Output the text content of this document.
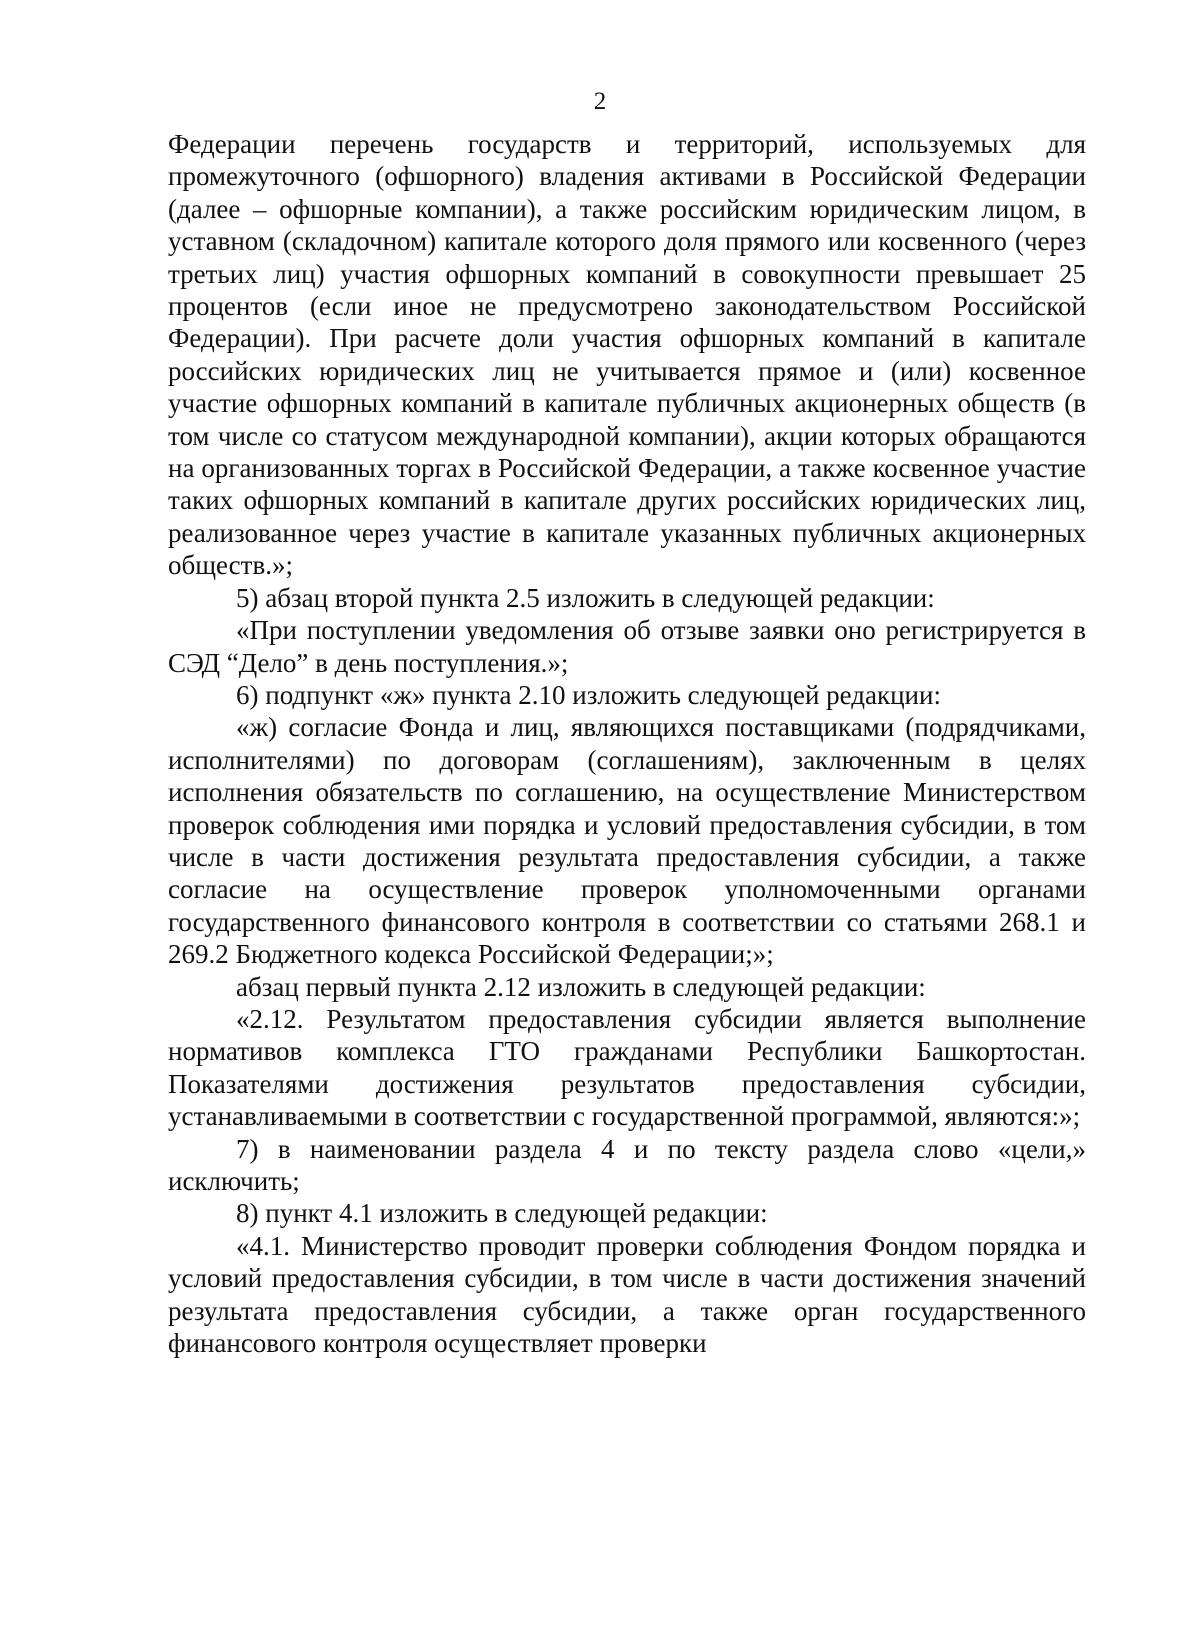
2

Федерации перечень государств и территорий, используемых для промежуточного (офшорного) владения активами в Российской Федерации (далее – офшорные компании), а также российским юридическим лицом, в уставном (складочном) капитале которого доля прямого или косвенного (через третьих лиц) участия офшорных компаний в совокупности превышает 25 процентов (если иное не предусмотрено законодательством Российской Федерации). При расчете доли участия офшорных компаний в капитале российских юридических лиц не учитывается прямое и (или) косвенное участие офшорных компаний в капитале публичных акционерных обществ (в том числе со статусом международной компании), акции которых обращаются на организованных торгах в Российской Федерации, а также косвенное участие таких офшорных компаний в капитале других российских юридических лиц, реализованное через участие в капитале указанных публичных акционерных обществ.»;

5) абзац второй пункта 2.5 изложить в следующей редакции:

«При поступлении уведомления об отзыве заявки оно регистрируется в СЭД “Дело” в день поступления.»;

6) подпункт «ж» пункта 2.10 изложить следующей редакции:

«ж) согласие Фонда и лиц, являющихся поставщиками (подрядчиками, исполнителями) по договорам (соглашениям), заключенным в целях исполнения обязательств по соглашению, на осуществление Министерством проверок соблюдения ими порядка и условий предоставления субсидии, в том числе в части достижения результата предоставления субсидии, а также согласие на осуществление проверок уполномоченными органами государственного финансового контроля в соответствии со статьями 268.1 и 269.2 Бюджетного кодекса Российской Федерации;»;

абзац первый пункта 2.12 изложить в следующей редакции:

«2.12. Результатом предоставления субсидии является выполнение нормативов комплекса ГТО гражданами Республики Башкортостан. Показателями достижения результатов предоставления субсидии, устанавливаемыми в соответствии с государственной программой, являются:»;

7) в наименовании раздела 4 и по тексту раздела слово «цели,» исключить;

8) пункт 4.1 изложить в следующей редакции:

«4.1. Министерство проводит проверки соблюдения Фондом порядка и условий предоставления субсидии, в том числе в части достижения значений результата предоставления субсидии, а также орган государственного финансового контроля осуществляет проверки
